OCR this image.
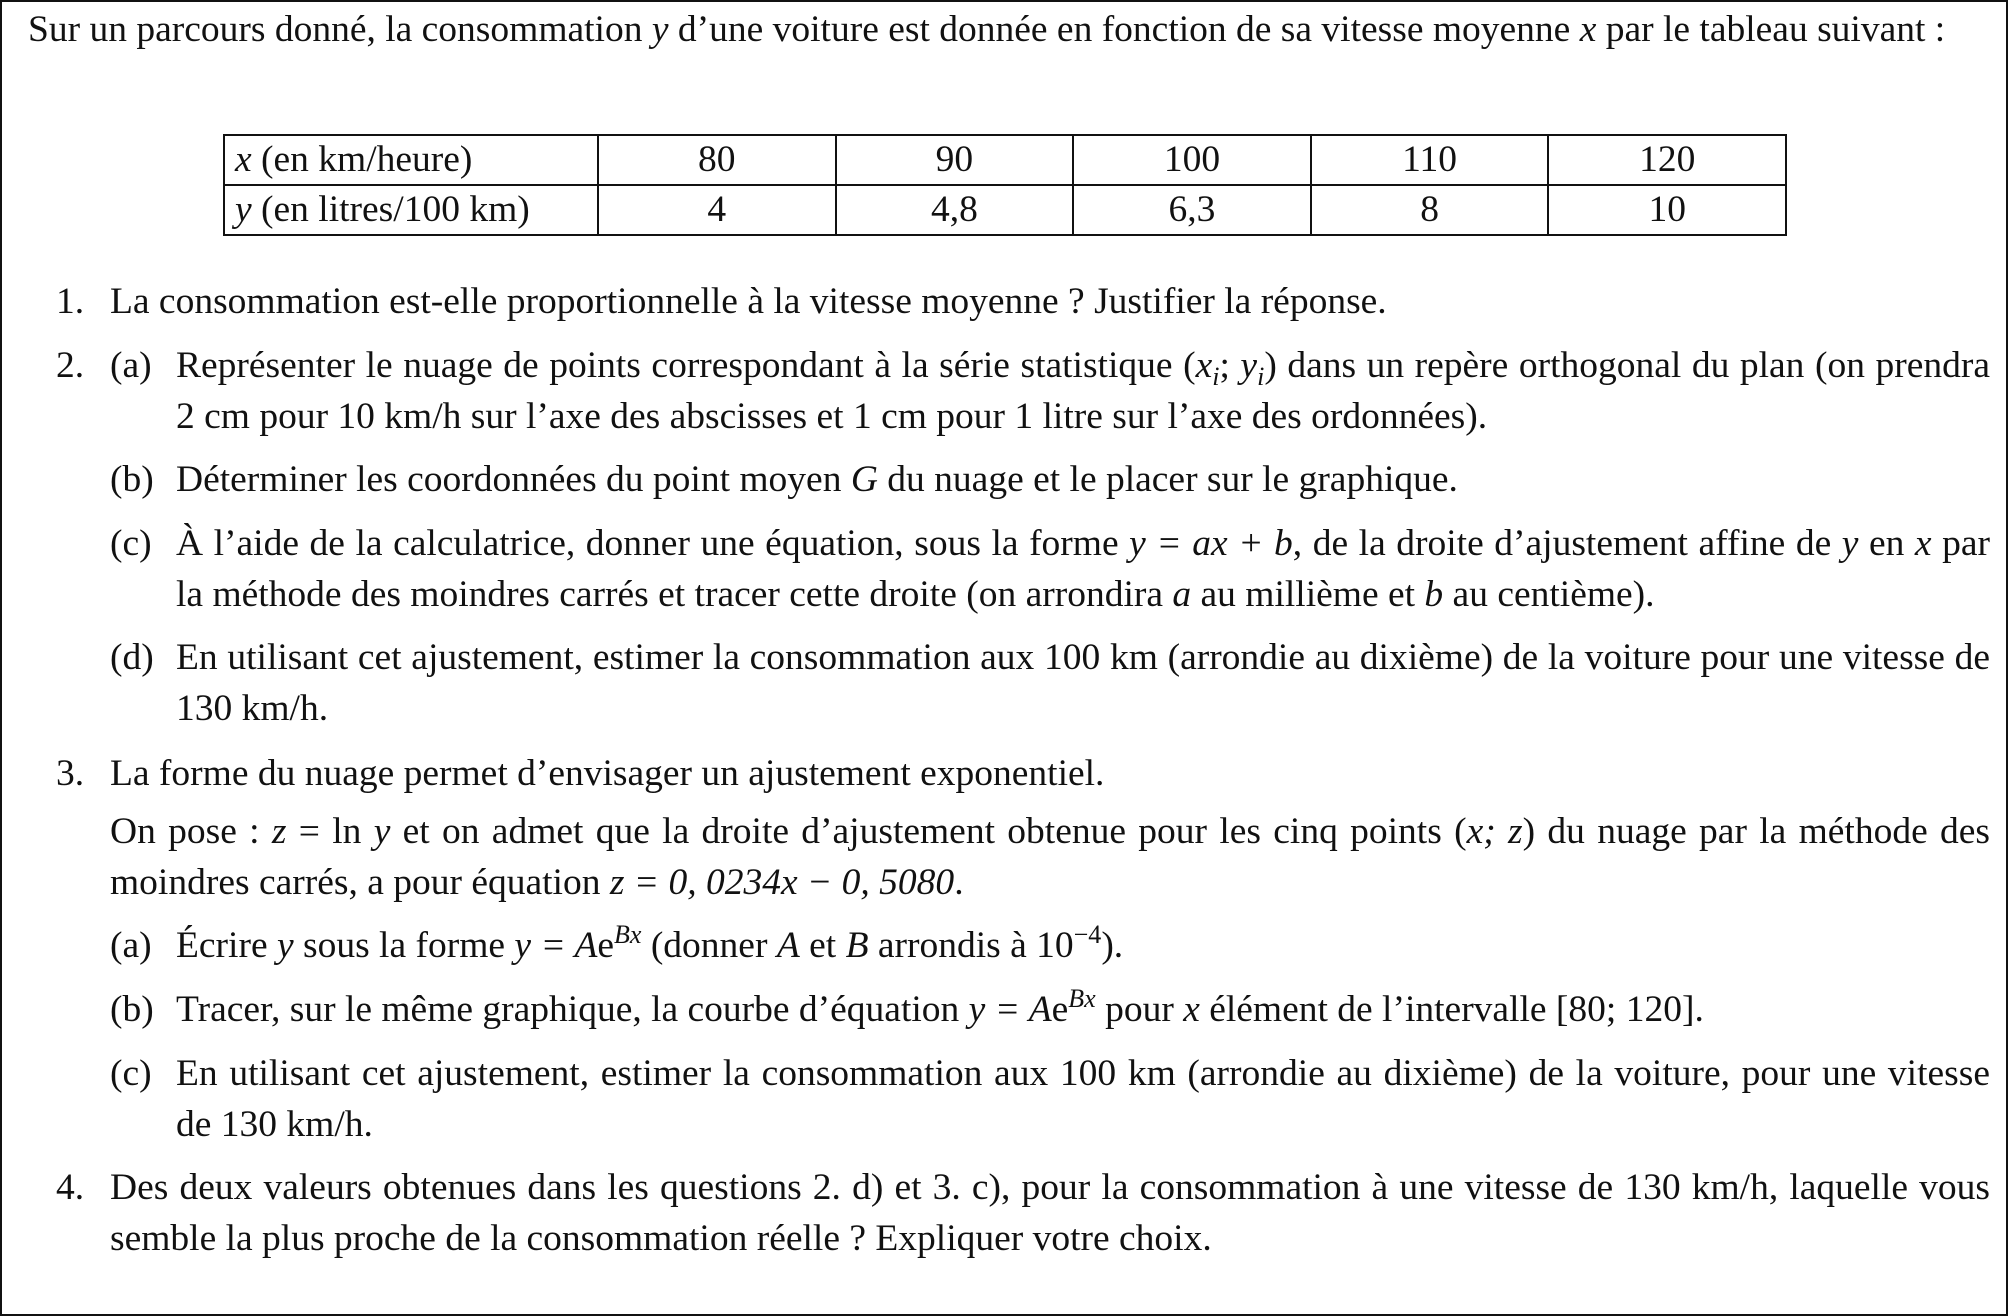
Sur un parcours donné, la consommation y d’une voiture est donnée en fonction de sa vitesse moyenne x par le tableau suivant :
x (en km/heure)	80	90	100	110	120
y (en litres/100 km)	4	4,8	6,3	8	10
1. La consommation est-elle proportionnelle à la vitesse moyenne ? Justifier la réponse.
2. (a) Représenter le nuage de points correspondant à la série statistique ($x_i$; $y_i$) dans un repère orthogonal du plan (on prendra 2 cm pour 10 km/h sur l’axe des abscisses et 1 cm pour 1 litre sur l’axe des ordonnées).
(b) Déterminer les coordonnées du point moyen G du nuage et le placer sur le graphique.
(c) À l’aide de la calculatrice, donner une équation, sous la forme y = ax + b, de la droite d’ajustement affine de y en x par la méthode des moindres carrés et tracer cette droite (on arrondira a au millième et b au centième).
(d) En utilisant cet ajustement, estimer la consommation aux 100 km (arrondie au dixième) de la voiture pour une vitesse de 130 km/h.
3. La forme du nuage permet d’envisager un ajustement exponentiel.
On pose : z = ln y et on admet que la droite d’ajustement obtenue pour les cinq points (x; z) du nuage par la méthode des moindres carrés, a pour équation z = 0, 0234x − 0, 5080.
(a) Écrire y sous la forme $y = Ae^{Bx}$ (donner A et B arrondis à $10^{-4}$).
(b) Tracer, sur le même graphique, la courbe d’équation $y = Ae^{Bx}$ pour x élément de l’intervalle [80; 120].
(c) En utilisant cet ajustement, estimer la consommation aux 100 km (arrondie au dixième) de la voiture, pour une vitesse de 130 km/h.
4. Des deux valeurs obtenues dans les questions 2. d) et 3. c), pour la consommation à une vitesse de 130 km/h, laquelle vous semble la plus proche de la consommation réelle ? Expliquer votre choix.
